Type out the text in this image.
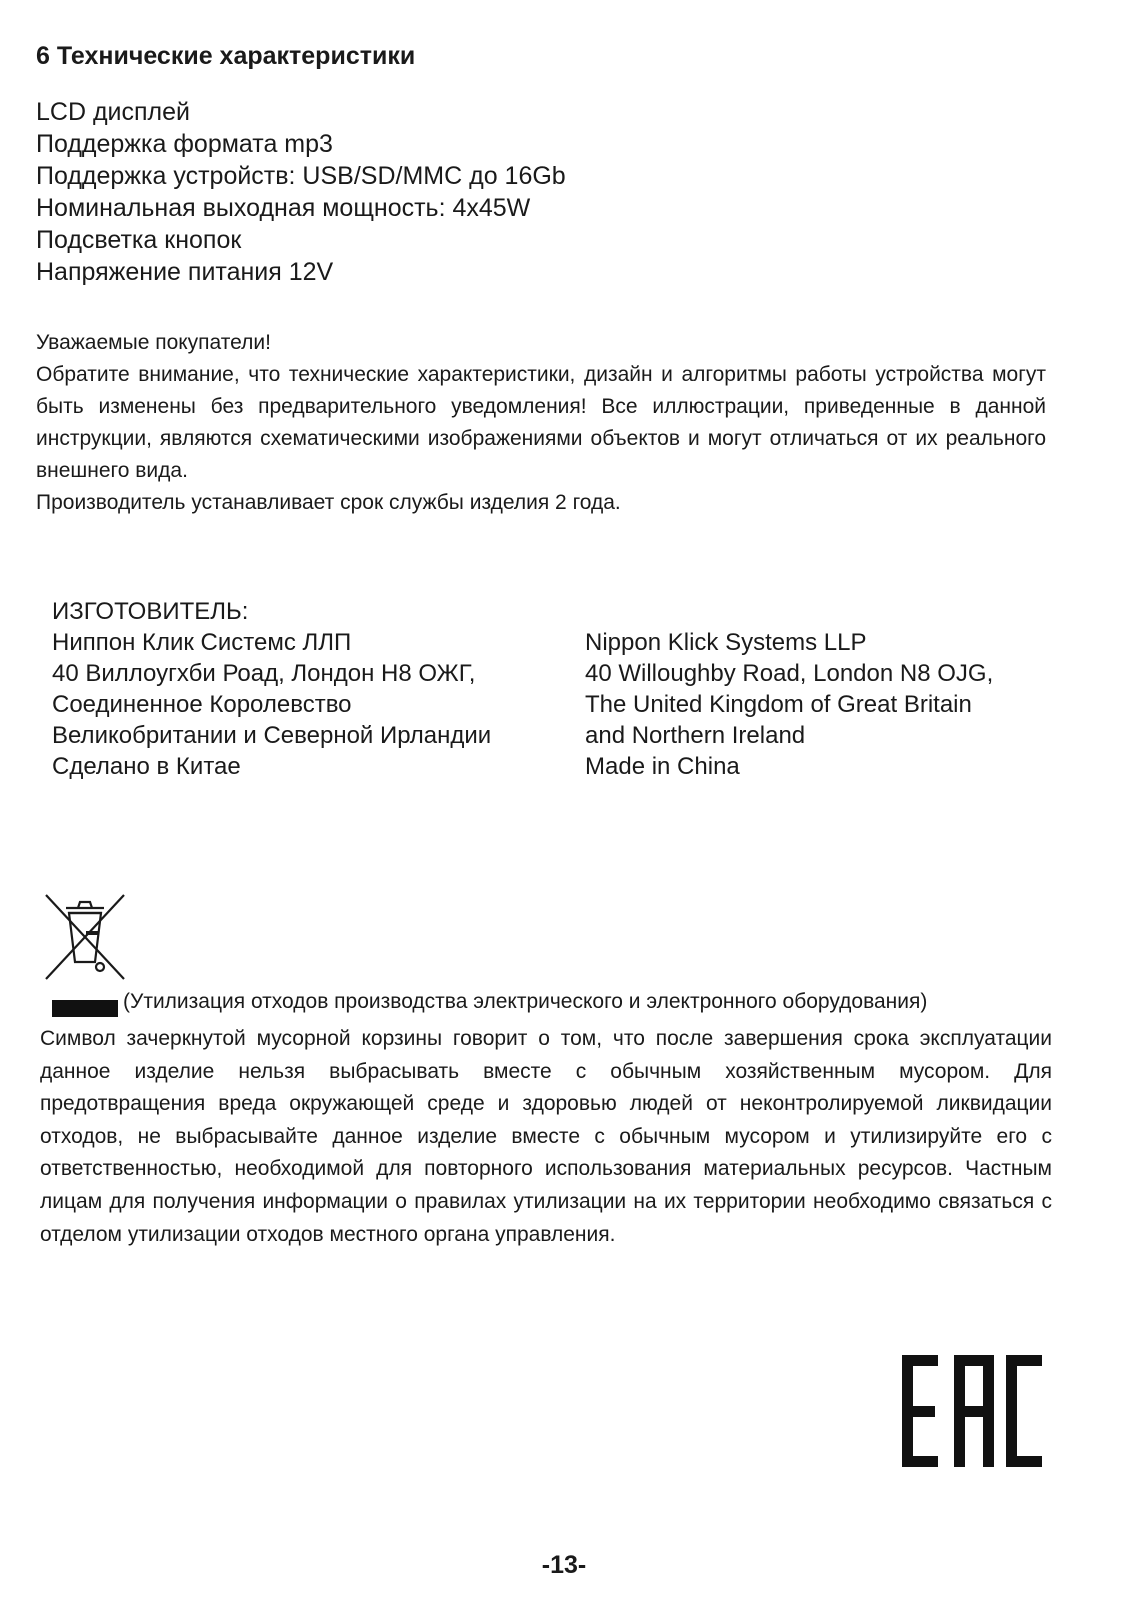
6 Технические характеристики
LCD дисплей
Поддержка формата mp3
Поддержка устройств: USB/SD/MMC до 16Gb
Номинальная выходная мощность: 4x45W
Подсветка кнопок
Напряжение питания 12V

Уважаемые покупатели!

Обратите внимание, что технические характеристики, дизайн и алгоритмы работы устройства могут быть изменены без предварительного уведомления! Все иллюстрации, приведенные в данной инструкции, являются схематическими изображениями объектов и могут отличаться от их реального внешнего вида.

Производитель устанавливает срок службы изделия 2 года.

ИЗГОТОВИТЕЛЬ:
Ниппон Клик Системс ЛЛП
40 Виллоугхби Роад, Лондон Н8 ОЖГ,
Соединенное Королевство
Великобритании и Северной Ирландии
Сделано в Китае
Nippon Klick Systems LLP
40 Willoughby Road, London N8 OJG,
The United Kingdom of Great Britain
and Northern Ireland
Made in China
(Утилизация отходов производства электрического и электронного оборудования)
Символ зачеркнутой мусорной корзины говорит о том, что после завершения срока эксплуатации данное изделие нельзя выбрасывать вместе с обычным хозяйственным мусором. Для предотвращения вреда окружающей среде и здоровью людей от неконтролируемой ликвидации отходов, не выбрасывайте данное изделие вместе с обычным мусором и утилизируйте его с ответственностью, необходимой для повторного использования материальных ресурсов. Частным лицам для получения информации о правилах утилизации на их территории необходимо связаться с отделом утилизации отходов местного органа управления.
-13-
